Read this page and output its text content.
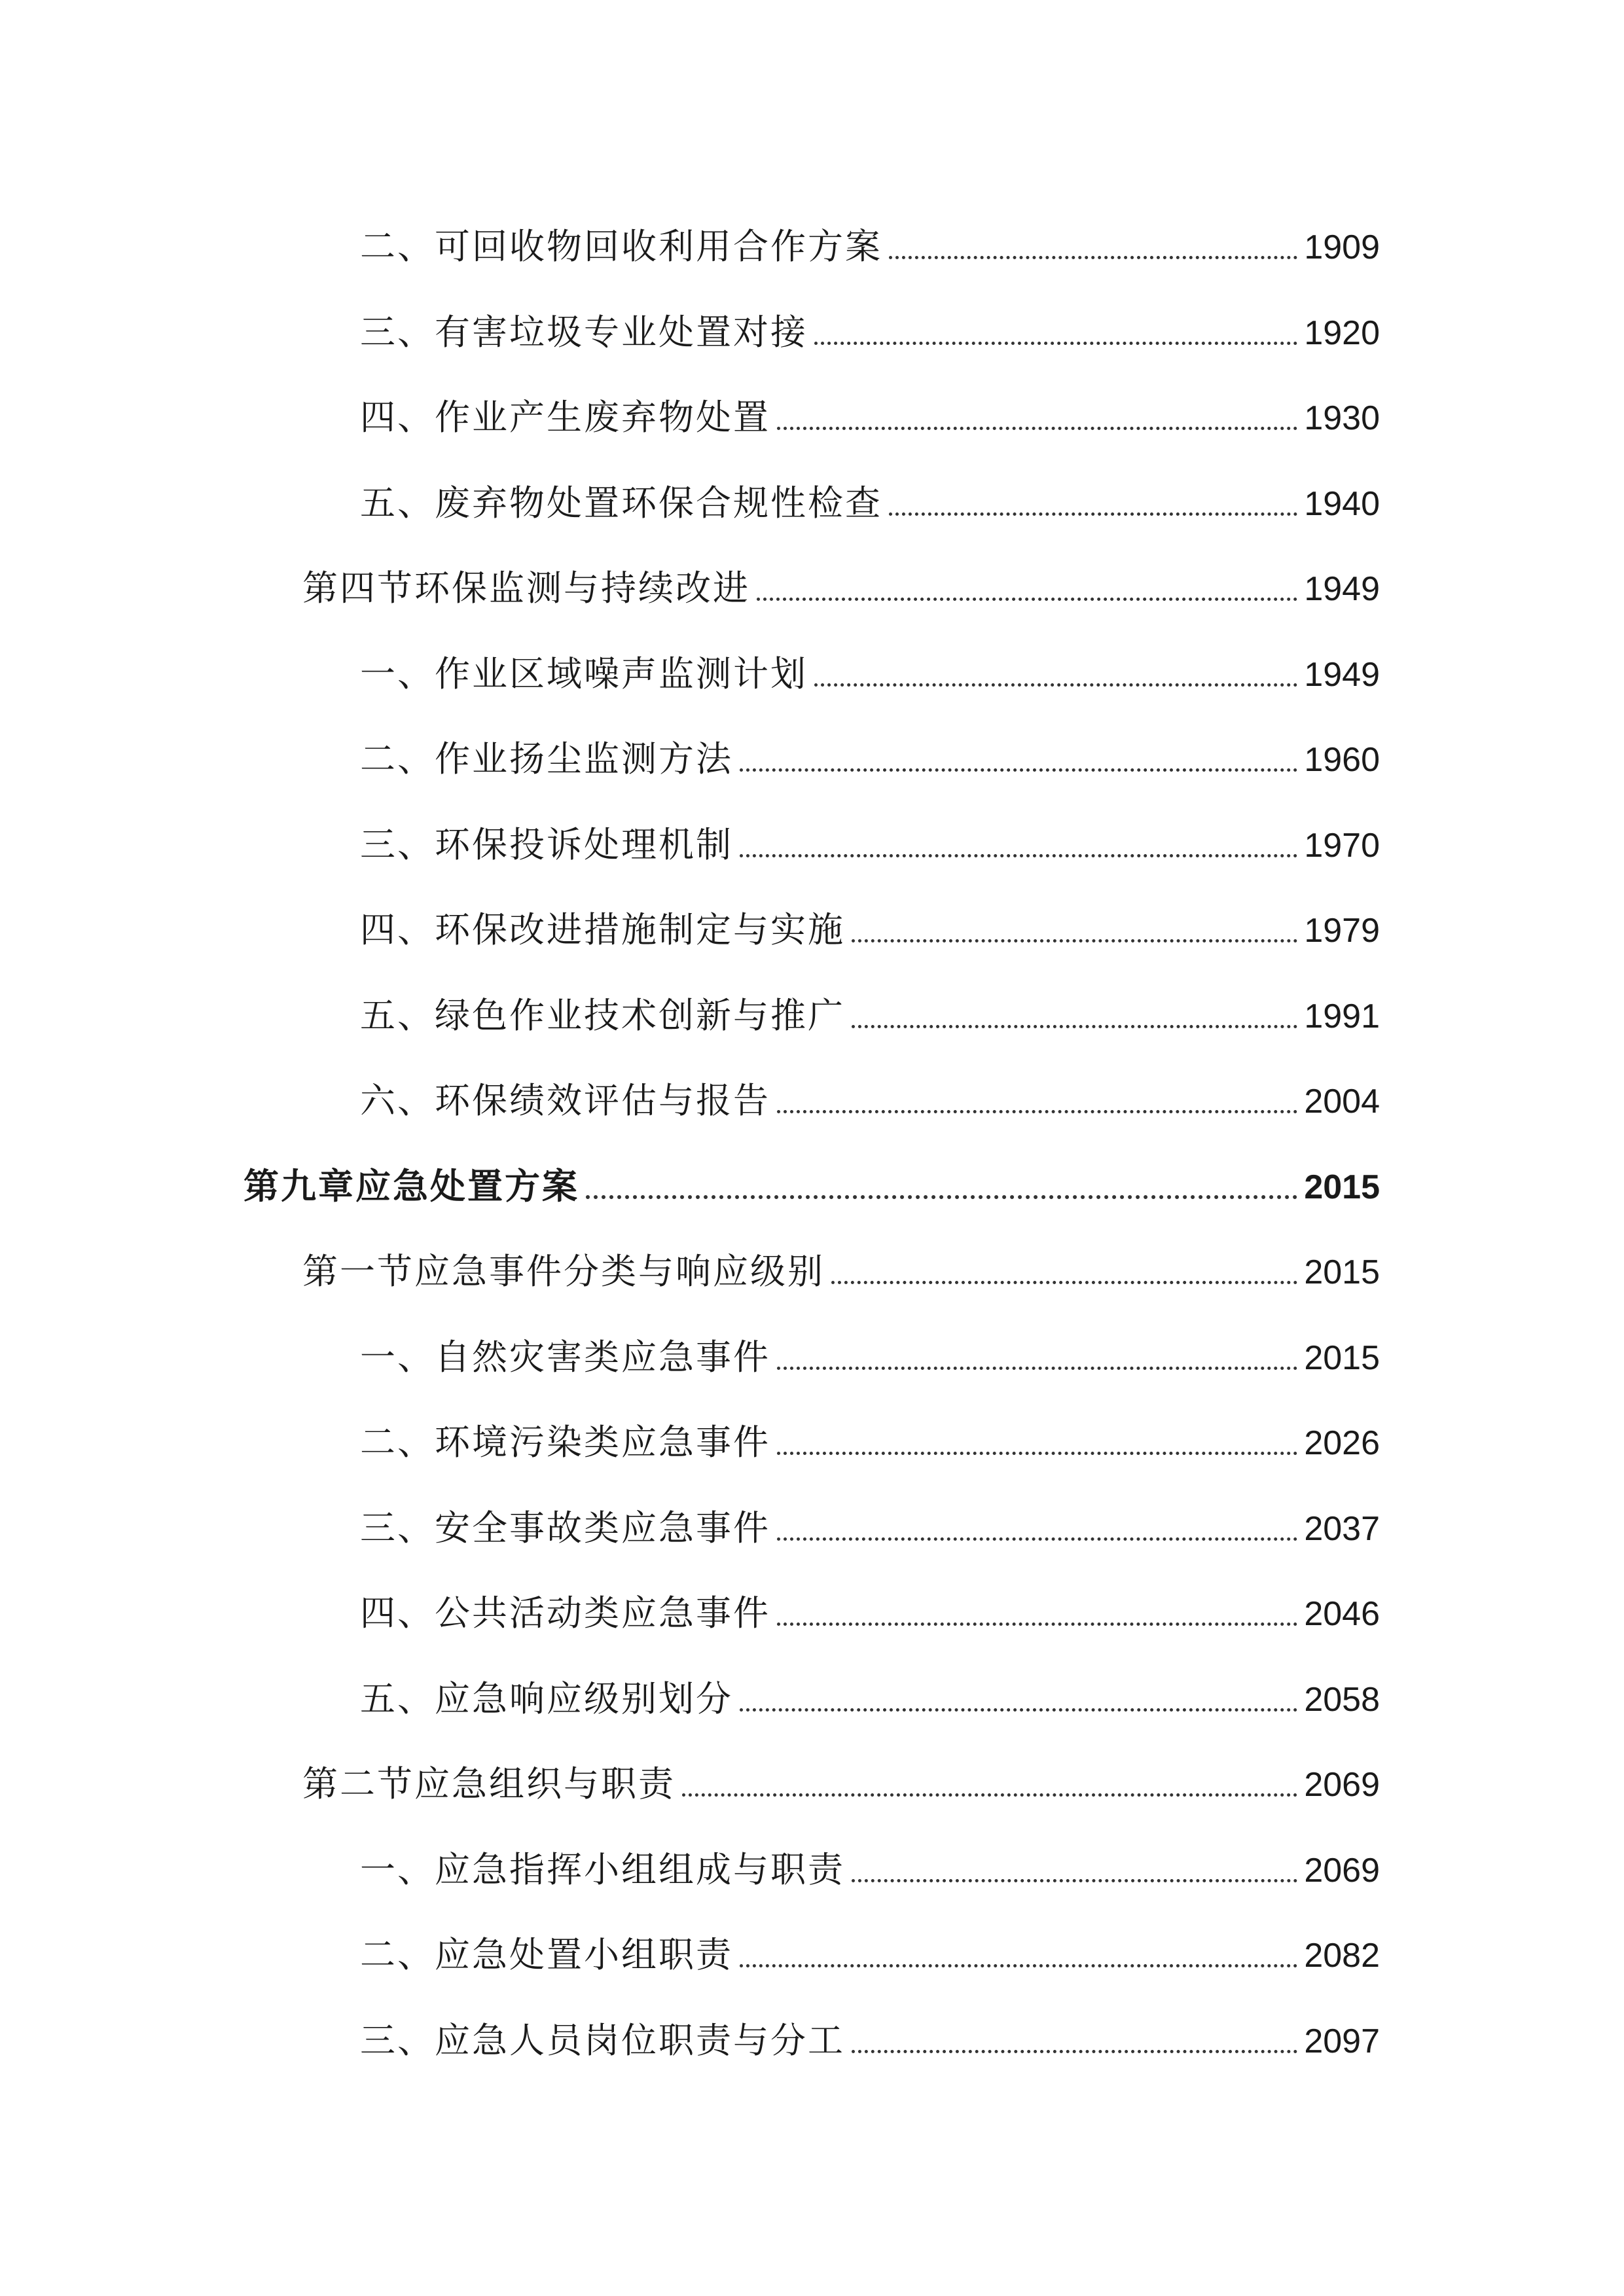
二、可回收物回收利用合作方案	1909
三、有害垃圾专业处置对接	1920
四、作业产生废弃物处置	1930
五、废弃物处置环保合规性检查	1940
第四节环保监测与持续改进	1949
一、作业区域噪声监测计划	1949
二、作业扬尘监测方法	1960
三、环保投诉处理机制	1970
四、环保改进措施制定与实施	1979
五、绿色作业技术创新与推广	1991
六、环保绩效评估与报告	2004
第九章应急处置方案	2015
第一节应急事件分类与响应级别	2015
一、自然灾害类应急事件	2015
二、环境污染类应急事件	2026
三、安全事故类应急事件	2037
四、公共活动类应急事件	2046
五、应急响应级别划分	2058
第二节应急组织与职责	2069
一、应急指挥小组组成与职责	2069
二、应急处置小组职责	2082
三、应急人员岗位职责与分工	2097
